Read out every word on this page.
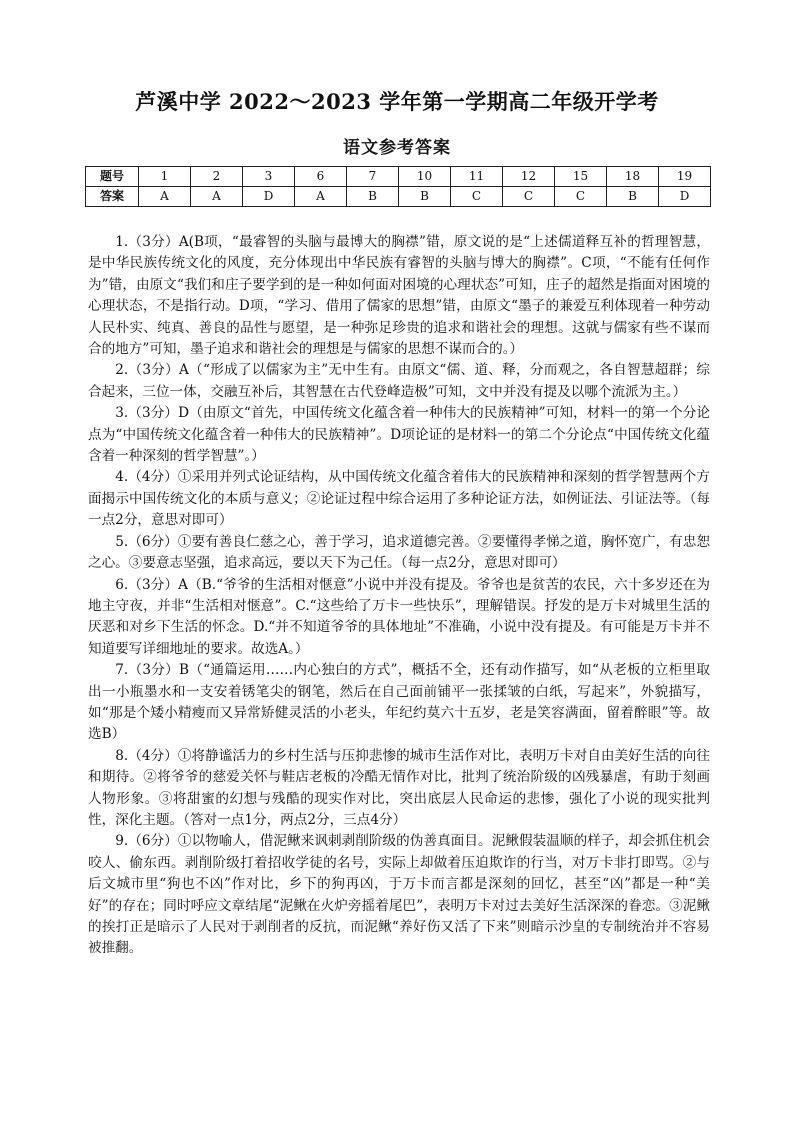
芦溪中学 2022～2023 学年第一学期高二年级开学考
语文参考答案
题号	1	2	3	6	7	10	11	12	15	18	19
答案	A	A	D	A	B	B	C	C	C	B	D

1.（3分）A(B项，“最睿智的头脑与最博大的胸襟”错，原文说的是“上述儒道释互补的哲理智慧，是中华民族传统文化的风度，充分体现出中华民族有睿智的头脑与博大的胸襟”。C项，“不能有任何作为”错，由原文“我们和庄子要学到的是一种如何面对困境的心理状态”可知，庄子的超然是指面对困境的心理状态，不是指行动。D项，“学习、借用了儒家的思想”错，由原文“墨子的兼爱互利体现着一种劳动人民朴实、纯真、善良的品性与愿望，是一种弥足珍贵的追求和谐社会的理想。这就与儒家有些不谋而合的地方”可知，墨子追求和谐社会的理想是与儒家的思想不谋而合的。）

2.（3分）A（“形成了以儒家为主”无中生有。由原文“儒、道、释，分而观之，各自智慧超群；综合起来，三位一体，交融互补后，其智慧在古代登峰造极”可知，文中并没有提及以哪个流派为主。）

3.（3分）D（由原文“首先，中国传统文化蕴含着一种伟大的民族精神”可知，材料一的第一个分论点为“中国传统文化蕴含着一种伟大的民族精神”。D项论证的是材料一的第二个分论点“中国传统文化蕴含着一种深刻的哲学智慧”。）

4.（4分）①采用并列式论证结构，从中国传统文化蕴含着伟大的民族精神和深刻的哲学智慧两个方面揭示中国传统文化的本质与意义；②论证过程中综合运用了多种论证方法，如例证法、引证法等。（每一点2分，意思对即可）

5.（6分）①要有善良仁慈之心，善于学习，追求道德完善。②要懂得孝悌之道，胸怀宽广，有忠恕之心。③要意志坚强，追求高远，要以天下为己任。（每一点2分，意思对即可）

6.（3分）A（B.“爷爷的生活相对惬意”小说中并没有提及。爷爷也是贫苦的农民，六十多岁还在为地主守夜，并非“生活相对惬意”。C.“这些给了万卡一些快乐”，理解错误。抒发的是万卡对城里生活的厌恶和对乡下生活的怀念。D.“并不知道爷爷的具体地址”不准确，小说中没有提及。有可能是万卡并不知道要写详细地址的要求。故选A。）

7.（3分）B（“通篇运用……内心独白的方式”，概括不全，还有动作描写，如“从老板的立柜里取出一小瓶墨水和一支安着锈笔尖的钢笔，然后在自己面前铺平一张揉皱的白纸，写起来”，外貌描写，如“那是个矮小精瘦而又异常矫健灵活的小老头，年纪约莫六十五岁，老是笑容满面，留着醉眼”等。故选B）

8.（4分）①将静谧活力的乡村生活与压抑悲惨的城市生活作对比，表明万卡对自由美好生活的向往和期待。②将爷爷的慈爱关怀与鞋店老板的冷酷无情作对比，批判了统治阶级的凶残暴虐，有助于刻画人物形象。③将甜蜜的幻想与残酷的现实作对比，突出底层人民命运的悲惨，强化了小说的现实批判性，深化主题。（答对一点1分，两点2分，三点4分）

9.（6分）①以物喻人，借泥鳅来讽刺剥削阶级的伪善真面目。泥鳅假装温顺的样子，却会抓住机会咬人、偷东西。剥削阶级打着招收学徒的名号，实际上却做着压迫欺诈的行当，对万卡非打即骂。②与后文城市里“狗也不凶”作对比，乡下的狗再凶，于万卡而言都是深刻的回忆，甚至“凶”都是一种“美好”的存在；同时呼应文章结尾“泥鳅在火炉旁摇着尾巴”，表明万卡对过去美好生活深深的眷恋。③泥鳅的挨打正是暗示了人民对于剥削者的反抗，而泥鳅“养好伤又活了下来”则暗示沙皇的专制统治并不容易被推翻。
